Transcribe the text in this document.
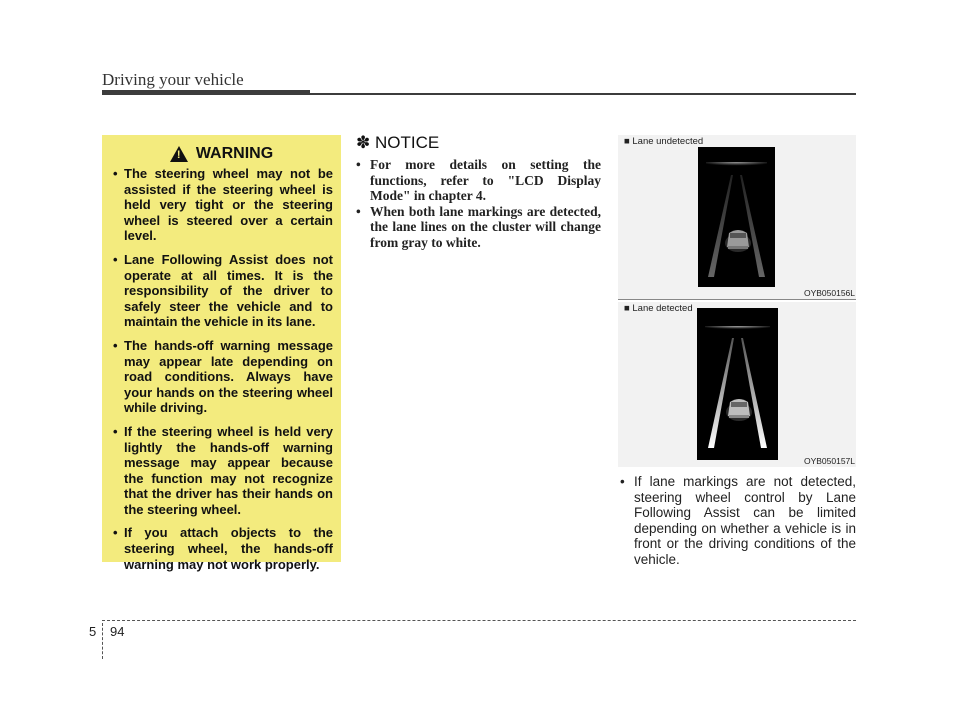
Driving your vehicle
! WARNING
• The steering wheel may not be assisted if the steering wheel is held very tight or the steering wheel is steered over a certain level.
• Lane Following Assist does not operate at all times. It is the responsibility of the driver to safely steer the vehicle and to maintain the vehicle in its lane.
• The hands-off warning message may appear late depending on road conditions. Always have your hands on the steering wheel while driving.
• If the steering wheel is held very lightly the hands-off warning message may appear because the function may not recognize that the driver has their hands on the steering wheel.
• If you attach objects to the steering wheel, the hands-off warning may not work properly.
✽ NOTICE
• For more details on setting the functions, refer to "LCD Display Mode" in chapter 4.
• When both lane markings are detected, the lane lines on the cluster will change from gray to white.
■ Lane undetected
OYB050156L
■ Lane detected
OYB050157L

• If lane markings are not detected, steering wheel control by Lane Following Assist can be limited depending on whether a vehicle is in front or the driving conditions of the vehicle.

5 94
